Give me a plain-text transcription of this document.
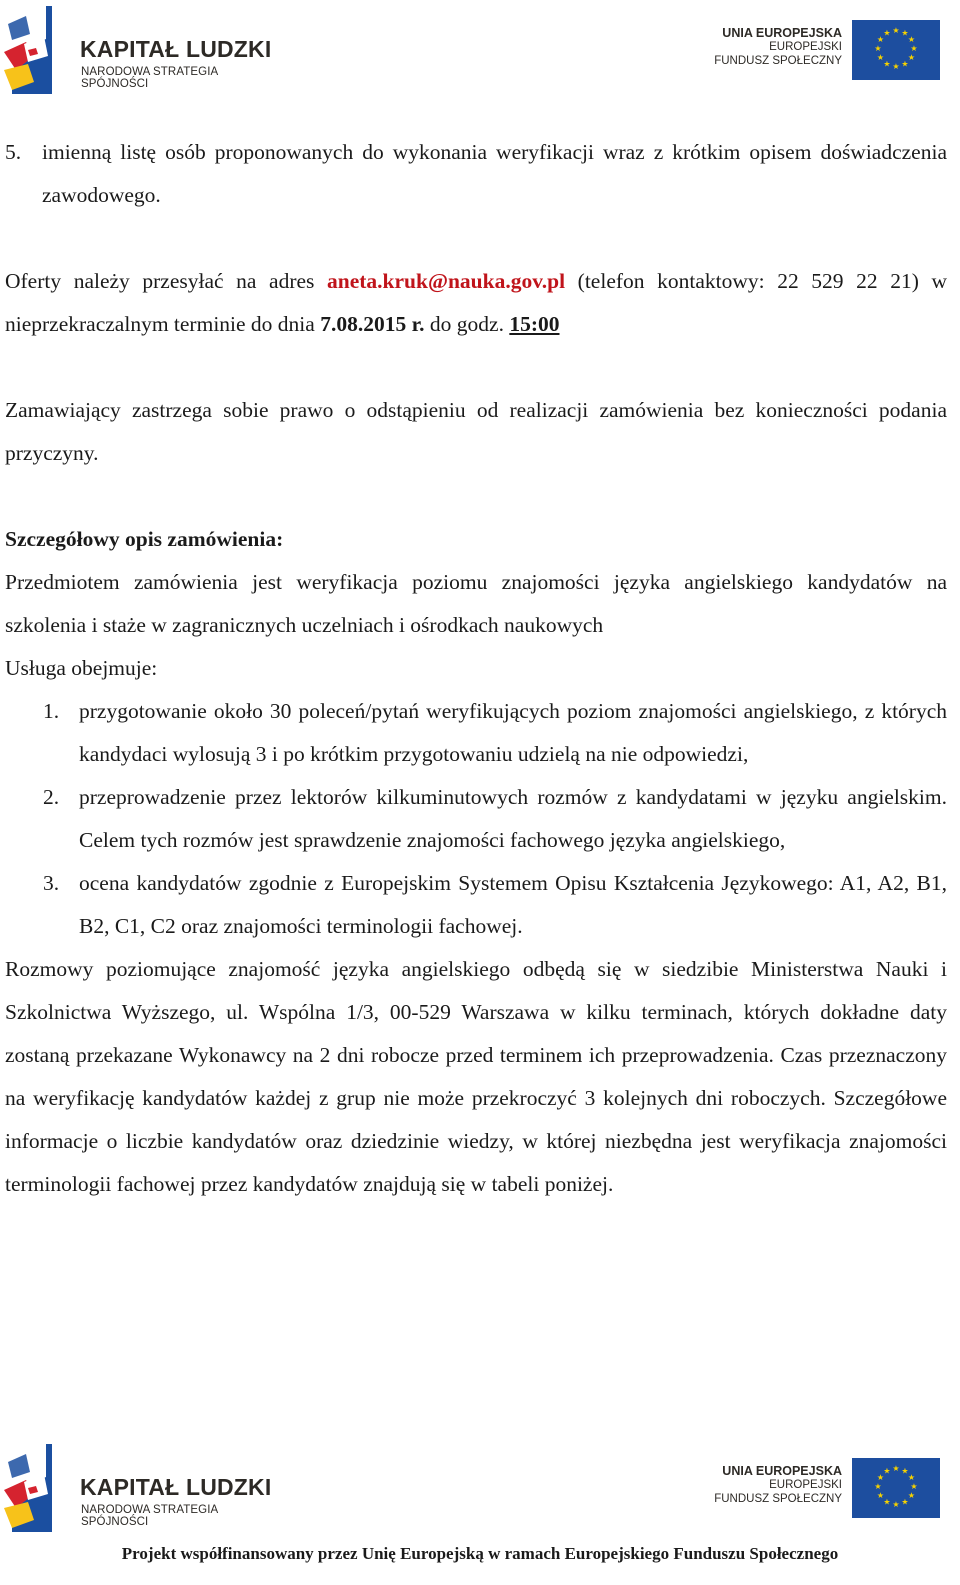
KAPITAŁ LUDZKI
NARODOWA STRATEGIA SPÓJNOŚCI
UNIA EUROPEJSKA
EUROPEJSKI
FUNDUSZ SPOŁECZNY
★ ★
★
★
★
★
★
★
★
★
★
★
5. imienną listę osób proponowanych do wykonania weryfikacji wraz z krótkim opisem doświadczenia zawodowego.

Oferty należy przesyłać na adres aneta.kruk@nauka.gov.pl (telefon kontaktowy: 22 529 22 21) w nieprzekraczalnym terminie do dnia 7.08.2015 r. do godz. 15:00

Zamawiający zastrzega sobie prawo o odstąpieniu od realizacji zamówienia bez konieczności podania przyczyny.

Szczegółowy opis zamówienia:

Przedmiotem zamówienia jest weryfikacja poziomu znajomości języka angielskiego kandydatów na szkolenia i staże w zagranicznych uczelniach i ośrodkach naukowych

Usługa obejmuje:

1. przygotowanie około 30 poleceń/pytań weryfikujących poziom znajomości angielskiego, z których kandydaci wylosują 3 i po krótkim przygotowaniu udzielą na nie odpowiedzi,
2. przeprowadzenie przez lektorów kilkuminutowych rozmów z kandydatami w języku angielskim. Celem tych rozmów jest sprawdzenie znajomości fachowego języka angielskiego,
3. ocena kandydatów zgodnie z Europejskim Systemem Opisu Kształcenia Językowego: A1, A2, B1, B2, C1, C2 oraz znajomości terminologii fachowej.

Rozmowy poziomujące znajomość języka angielskiego odbędą się w siedzibie Ministerstwa Nauki i Szkolnictwa Wyższego, ul. Wspólna 1/3, 00-529 Warszawa w kilku terminach, których dokładne daty zostaną przekazane Wykonawcy na 2 dni robocze przed terminem ich przeprowadzenia. Czas przeznaczony na weryfikację kandydatów każdej z grup nie może przekroczyć 3 kolejnych dni roboczych. Szczegółowe informacje o liczbie kandydatów oraz dziedzinie wiedzy, w której niezbędna jest weryfikacja znajomości terminologii fachowej przez kandydatów znajdują się w tabeli poniżej.

KAPITAŁ LUDZKI
NARODOWA STRATEGIA SPÓJNOŚCI
UNIA EUROPEJSKA
EUROPEJSKI
FUNDUSZ SPOŁECZNY
★ ★
★
★
★
★
★
★
★
★
★
★
Projekt współfinansowany przez Unię Europejską w ramach Europejskiego Funduszu Społecznego
